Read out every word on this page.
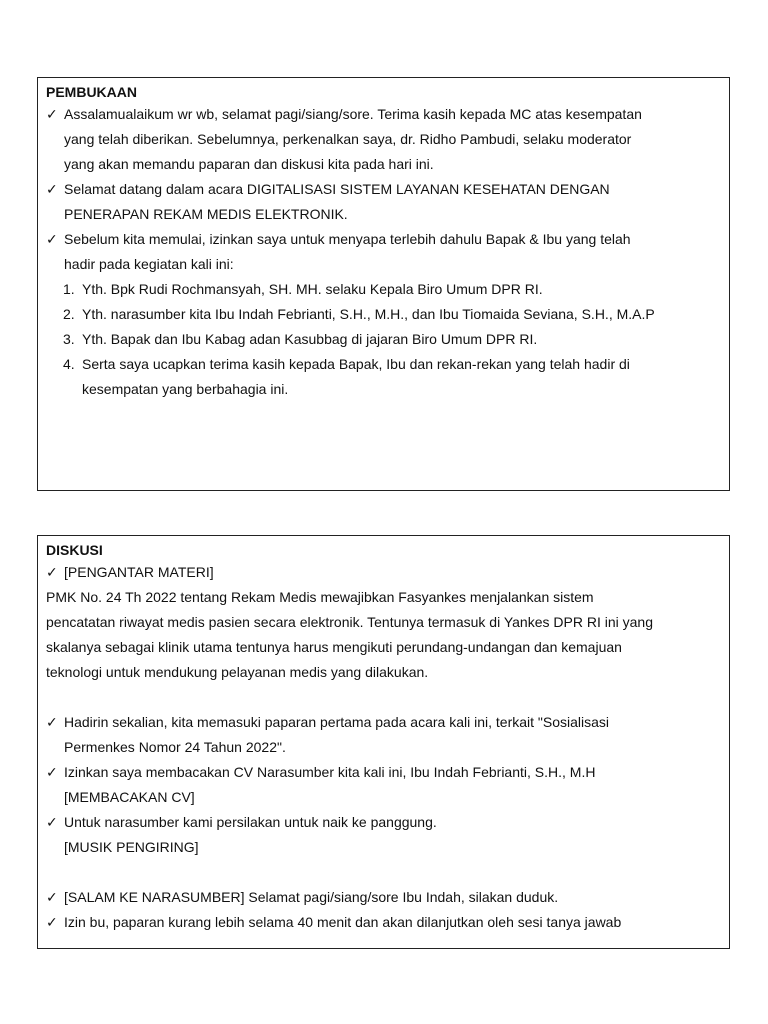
PEMBUKAAN
✓ Assalamualaikum wr wb, selamat pagi/siang/sore. Terima kasih kepada MC atas kesempatan
yang telah diberikan. Sebelumnya, perkenalkan saya, dr. Ridho Pambudi, selaku moderator
yang akan memandu paparan dan diskusi kita pada hari ini.
✓ Selamat datang dalam acara DIGITALISASI SISTEM LAYANAN KESEHATAN DENGAN
PENERAPAN REKAM MEDIS ELEKTRONIK.
✓ Sebelum kita memulai, izinkan saya untuk menyapa terlebih dahulu Bapak & Ibu yang telah
hadir pada kegiatan kali ini:
1. Yth. Bpk Rudi Rochmansyah, SH. MH. selaku Kepala Biro Umum DPR RI.
2. Yth. narasumber kita Ibu Indah Febrianti, S.H., M.H., dan Ibu Tiomaida Seviana, S.H., M.A.P
3. Yth. Bapak dan Ibu Kabag adan Kasubbag di jajaran Biro Umum DPR RI.
4. Serta saya ucapkan terima kasih kepada Bapak, Ibu dan rekan-rekan yang telah hadir di
kesempatan yang berbahagia ini.
DISKUSI
✓ [PENGANTAR MATERI]
PMK No. 24 Th 2022 tentang Rekam Medis mewajibkan Fasyankes menjalankan sistem
pencatatan riwayat medis pasien secara elektronik. Tentunya termasuk di Yankes DPR RI ini yang
skalanya sebagai klinik utama tentunya harus mengikuti perundang-undangan dan kemajuan
teknologi untuk mendukung pelayanan medis yang dilakukan.
✓ Hadirin sekalian, kita memasuki paparan pertama pada acara kali ini, terkait "Sosialisasi
Permenkes Nomor 24 Tahun 2022".
✓ Izinkan saya membacakan CV Narasumber kita kali ini, Ibu Indah Febrianti, S.H., M.H
[MEMBACAKAN CV]
✓ Untuk narasumber kami persilakan untuk naik ke panggung.
[MUSIK PENGIRING]
✓ [SALAM KE NARASUMBER] Selamat pagi/siang/sore Ibu Indah, silakan duduk.
✓ Izin bu, paparan kurang lebih selama 40 menit dan akan dilanjutkan oleh sesi tanya jawab
